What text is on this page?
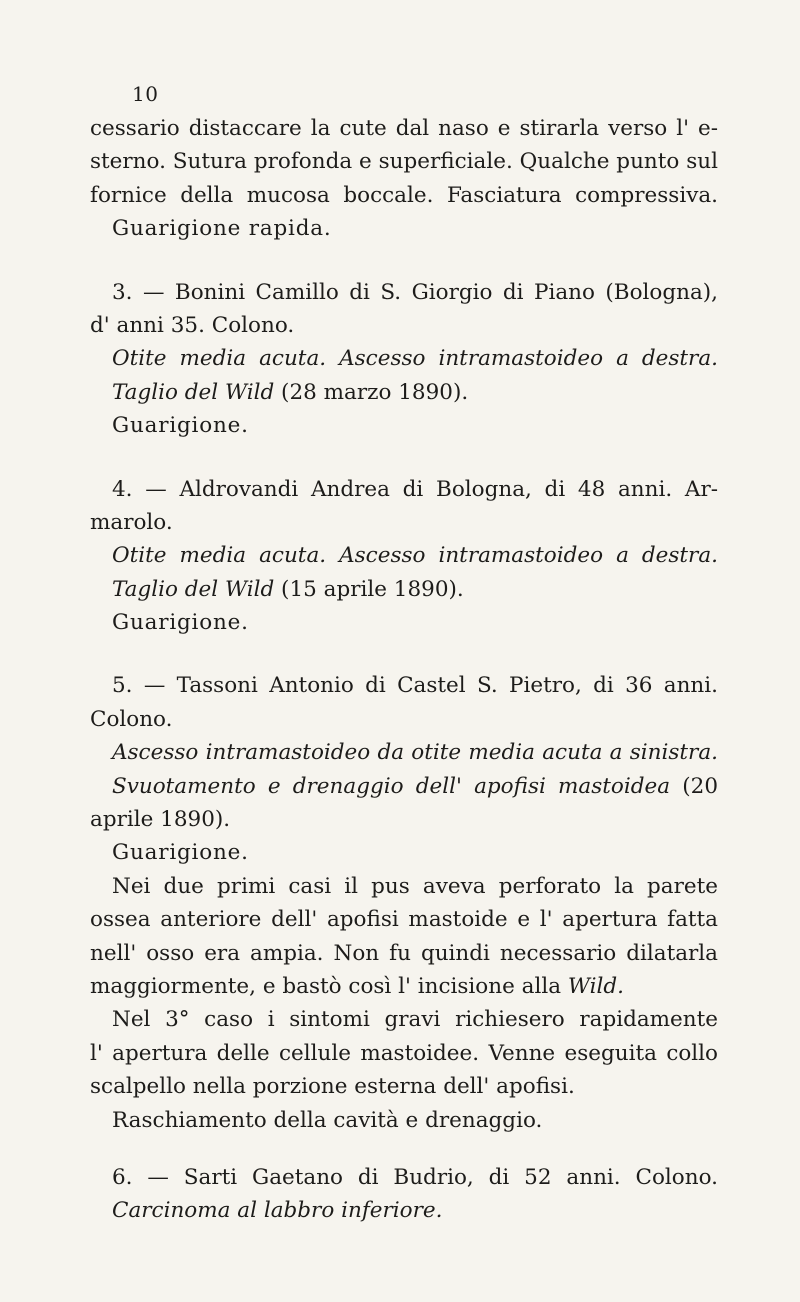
10
cessario distaccare la cute dal naso e stirarla verso l' e-
sterno. Sutura profonda e superficiale. Qualche punto sul
fornice della mucosa boccale. Fasciatura compressiva.
Guarigione rapida.
3. — Bonini Camillo di S. Giorgio di Piano (Bologna),
d' anni 35. Colono.
Otite media acuta. Ascesso intramastoideo a destra.
Taglio del Wild (28 marzo 1890).
Guarigione.
4. — Aldrovandi Andrea di Bologna, di 48 anni. Ar-
marolo.
Otite media acuta. Ascesso intramastoideo a destra.
Taglio del Wild (15 aprile 1890).
Guarigione.
5. — Tassoni Antonio di Castel S. Pietro, di 36 anni.
Colono.
Ascesso intramastoideo da otite media acuta a sinistra.
Svuotamento e drenaggio dell' apofisi mastoidea (20
aprile 1890).
Guarigione.
Nei due primi casi il pus aveva perforato la parete
ossea anteriore dell' apofisi mastoide e l' apertura fatta
nell' osso era ampia. Non fu quindi necessario dilatarla
maggiormente, e bastò così l' incisione alla Wild.
Nel 3° caso i sintomi gravi richiesero rapidamente
l' apertura delle cellule mastoidee. Venne eseguita collo
scalpello nella porzione esterna dell' apofisi.
Raschiamento della cavità e drenaggio.
6. — Sarti Gaetano di Budrio, di 52 anni. Colono.
Carcinoma al labbro inferiore.
